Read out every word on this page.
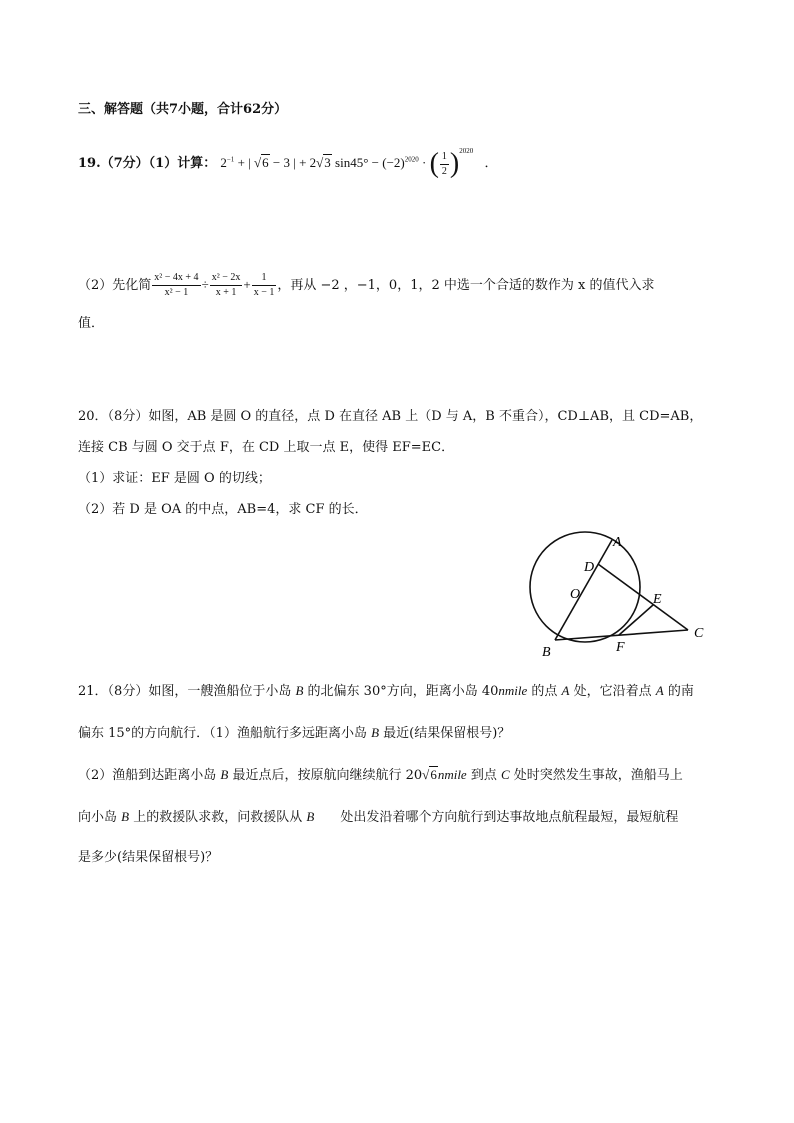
三、解答题（共7小题，合计62分）
19.（7分）（1）计算： $2^{-1}$ + | √6 − 3 | + 2√3 $\sin 45^\circ - (-2)^{2020}$ · ( $\frac{1}{2} )^{2020}$ ．
（2）先化简 $\frac{\text{x² − 4x + 4}}{\text{x² − 1}} \div \frac{\text{x² − 2x}}{x + 1} + \frac{1}{x - 1}$ ，再从 −2 ，−1，0，1，2 中选一个合适的数作为 x 的值代入求
值．
20．（8分）如图，AB 是圆 O 的直径，点 D 在直径 AB 上（D 与 A，B 不重合），CD⊥AB，且 CD=AB，
连接 CB 与圆 O 交于点 F，在 CD 上取一点 E，使得 EF=EC．
（1）求证：EF 是圆 O 的切线；
（2）若 D 是 OA 的中点，AB=4，求 CF 的长．
A
D
O	E
C
B	F
21．（8分）如图，一艘渔船位于小岛 B 的北偏东 30°方向，距离小岛 40nmile 的点 A 处，它沿着点 A 的南
偏东 15°的方向航行．（1）渔船航行多远距离小岛 B 最近(结果保留根号)？
（2）渔船到达距离小岛 B 最近点后，按原航向继续航行 20√6nmile 到点 C 处时突然发生事故，渔船马上
向小岛 B 上的救援队求救，问救援队从 B　　处出发沿着哪个方向航行到达事故地点航程最短，最短航程
是多少(结果保留根号)？
